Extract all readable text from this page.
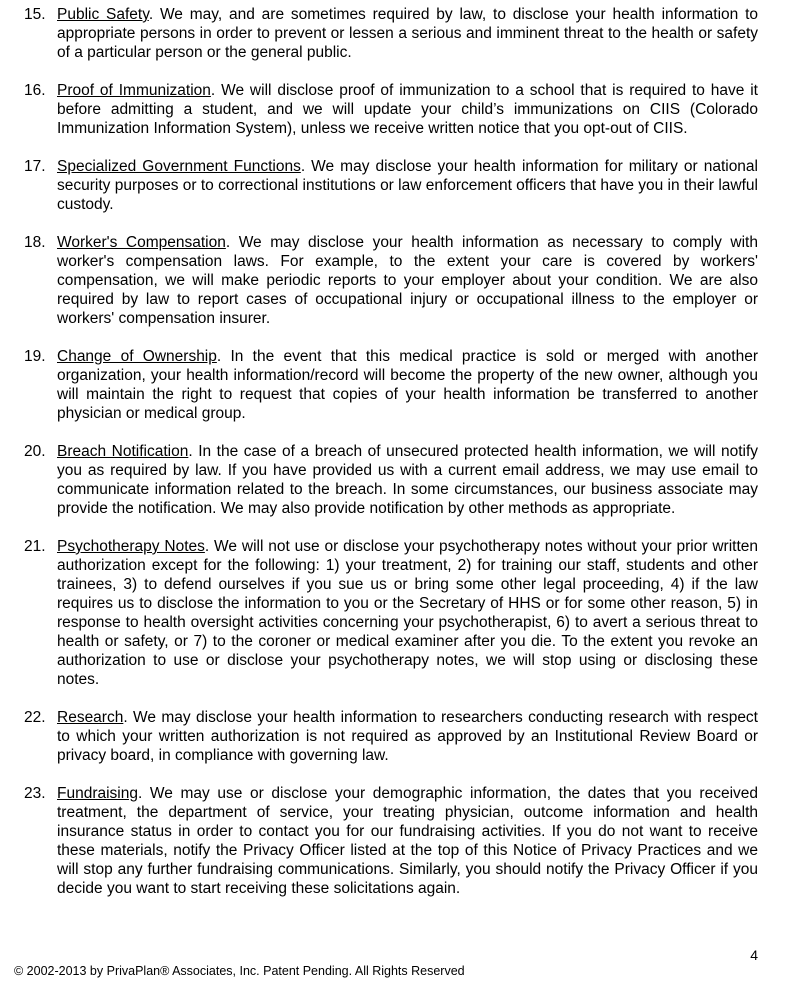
15. Public Safety. We may, and are sometimes required by law, to disclose your health information to appropriate persons in order to prevent or lessen a serious and imminent threat to the health or safety of a particular person or the general public.
16. Proof of Immunization. We will disclose proof of immunization to a school that is required to have it before admitting a student, and we will update your child’s immunizations on CIIS (Colorado Immunization Information System), unless we receive written notice that you opt-out of CIIS.
17. Specialized Government Functions. We may disclose your health information for military or national security purposes or to correctional institutions or law enforcement officers that have you in their lawful custody.
18. Worker's Compensation. We may disclose your health information as necessary to comply with worker's compensation laws. For example, to the extent your care is covered by workers' compensation, we will make periodic reports to your employer about your condition. We are also required by law to report cases of occupational injury or occupational illness to the employer or workers' compensation insurer.
19. Change of Ownership. In the event that this medical practice is sold or merged with another organization, your health information/record will become the property of the new owner, although you will maintain the right to request that copies of your health information be transferred to another physician or medical group.
20. Breach Notification. In the case of a breach of unsecured protected health information, we will notify you as required by law. If you have provided us with a current email address, we may use email to communicate information related to the breach. In some circumstances, our business associate may provide the notification. We may also provide notification by other methods as appropriate.
21. Psychotherapy Notes. We will not use or disclose your psychotherapy notes without your prior written authorization except for the following: 1) your treatment, 2) for training our staff, students and other trainees, 3) to defend ourselves if you sue us or bring some other legal proceeding, 4) if the law requires us to disclose the information to you or the Secretary of HHS or for some other reason, 5) in response to health oversight activities concerning your psychotherapist, 6) to avert a serious threat to health or safety, or 7) to the coroner or medical examiner after you die. To the extent you revoke an authorization to use or disclose your psychotherapy notes, we will stop using or disclosing these notes.
22. Research. We may disclose your health information to researchers conducting research with respect to which your written authorization is not required as approved by an Institutional Review Board or privacy board, in compliance with governing law.
23. Fundraising. We may use or disclose your demographic information, the dates that you received treatment, the department of service, your treating physician, outcome information and health insurance status in order to contact you for our fundraising activities. If you do not want to receive these materials, notify the Privacy Officer listed at the top of this Notice of Privacy Practices and we will stop any further fundraising communications. Similarly, you should notify the Privacy Officer if you decide you want to start receiving these solicitations again.
4
© 2002-2013 by PrivaPlan® Associates, Inc. Patent Pending. All Rights Reserved
